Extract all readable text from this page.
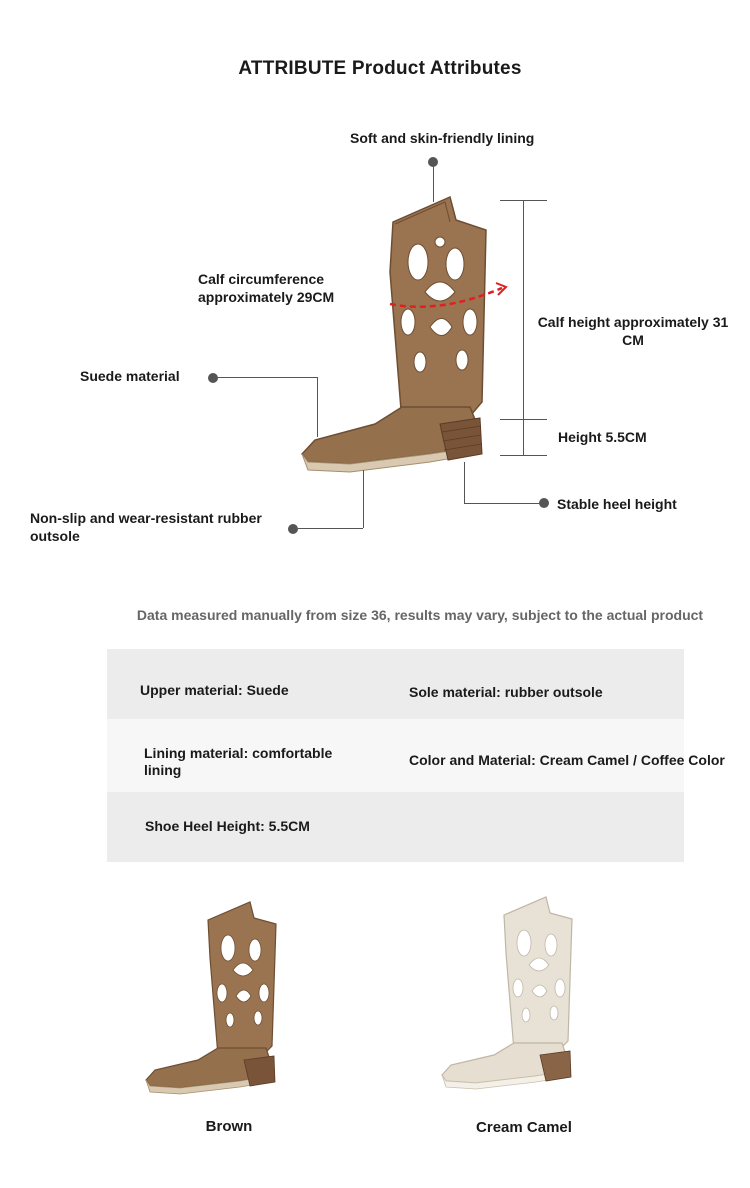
ATTRIBUTE Product Attributes
Soft and skin-friendly lining
Calf circumference approximately 29CM
Suede material
Non-slip and wear-resistant rubber outsole
Calf height approximately 31 CM
Height 5.5CM
Stable heel height
Data measured manually from size 36, results may vary, subject to the actual product
Upper material: Suede	Sole material: rubber outsole
Lining material: comfortable lining
Color and Material: Cream Camel / Coffee Color
Shoe Heel Height: 5.5CM
Brown	Cream Camel
